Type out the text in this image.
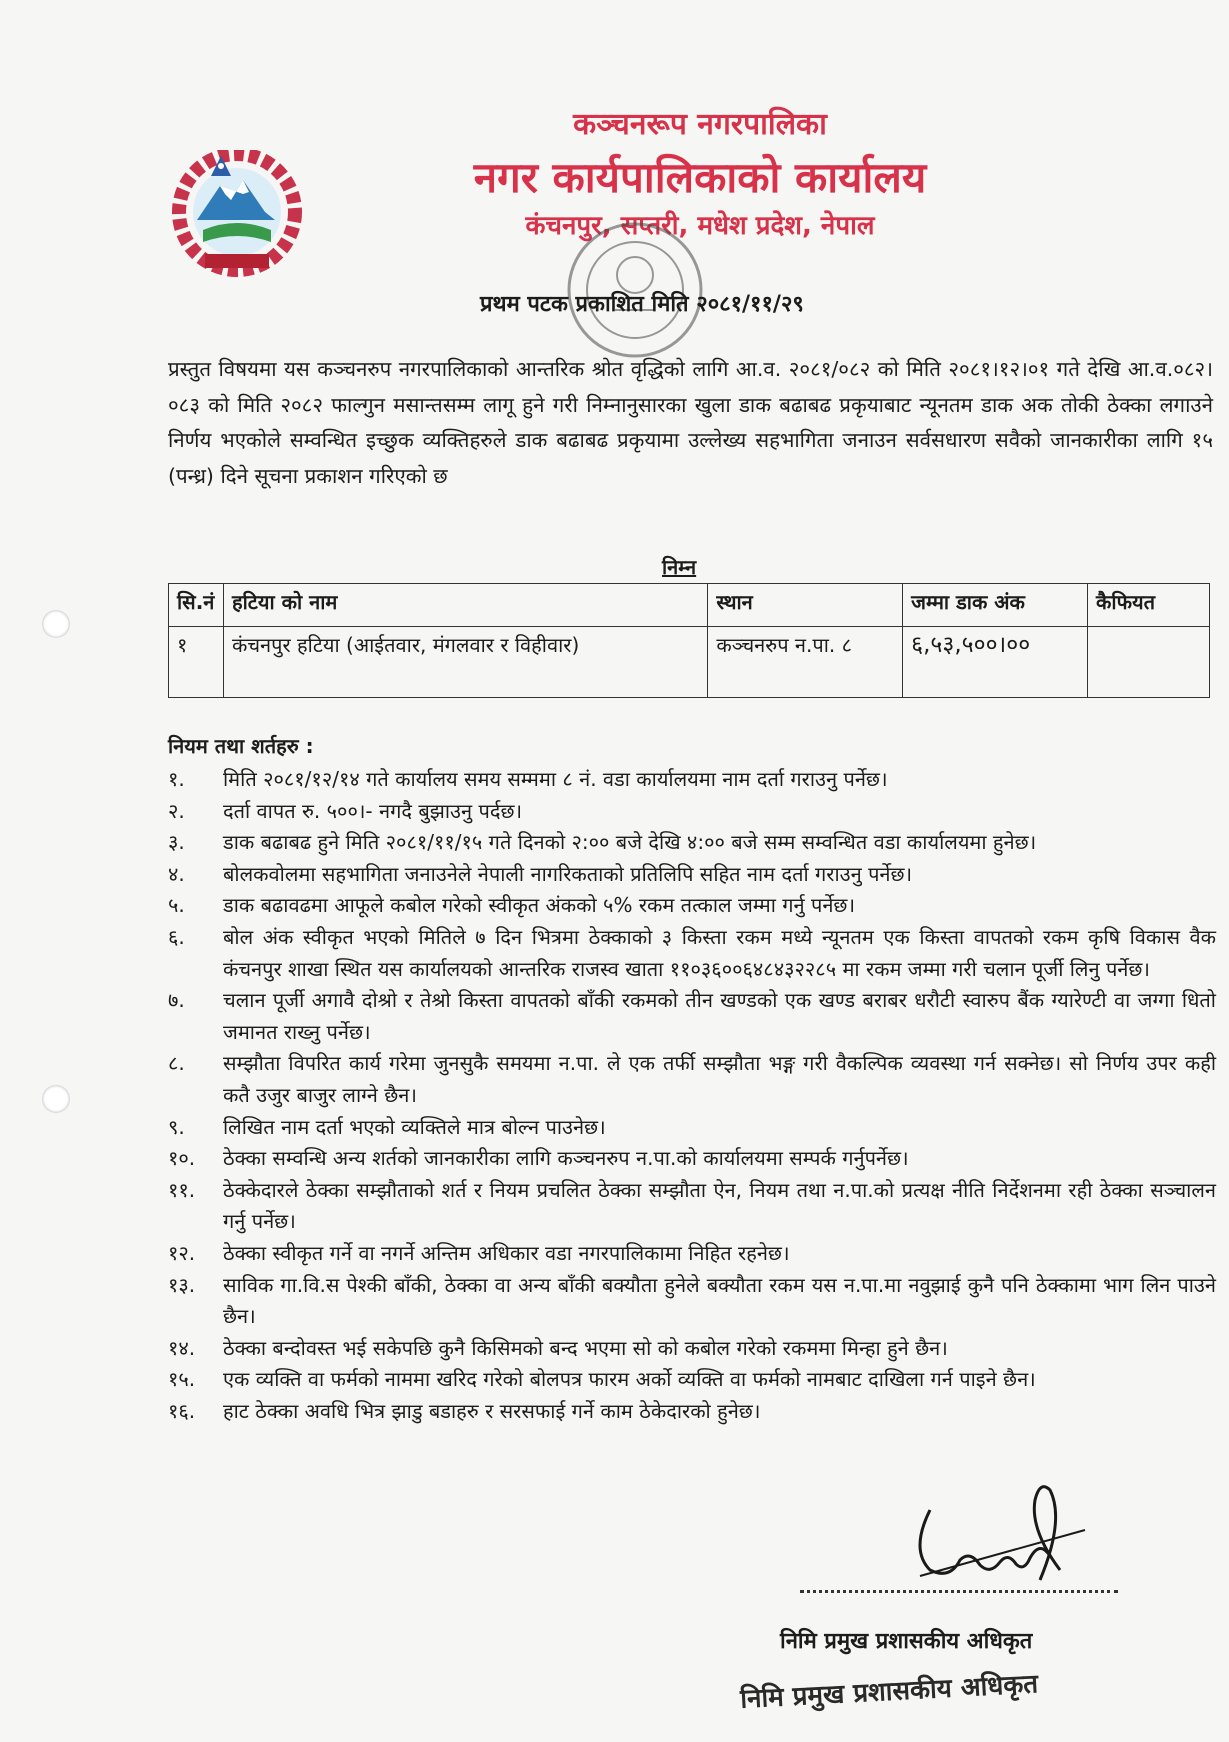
कञ्चनरूप नगरपालिका
नगर कार्यपालिकाको कार्यालय
कंचनपुर, सप्तरी, मधेश प्रदेश, नेपाल
प्रथम पटक प्रकाशित मिति २०८१/११/२९
प्रस्तुत विषयमा यस कञ्चनरुप नगरपालिकाको आन्तरिक श्रोत वृद्धिको लागि आ.व. २०८१/०८२ को मिति २०८१।१२।०१ गते देखि आ.व.०८२।०८३ को मिति २०८२ फाल्गुन मसान्तसम्म लागू हुने गरी निम्नानुसारका खुला डाक बढाबढ प्रकृयाबाट न्यूनतम डाक अक तोकी ठेक्का लगाउने निर्णय भएकोले सम्वन्धित इच्छुक व्यक्तिहरुले डाक बढाबढ प्रकृयामा उल्लेख्य सहभागिता जनाउन सर्वसधारण सवैको जानकारीका लागि १५ (पन्ध्र) दिने सूचना प्रकाशन गरिएको छ
निम्न
सि.नं	हटिया को नाम	स्थान	जम्मा डाक अंक	कैफियत
१	कंचनपुर हटिया (आईतवार, मंगलवार र विहीवार)	कञ्चनरुप न.पा. ८	६,५३,५००।००	
नियम तथा शर्तहरु :
१.	मिति २०८१/१२/१४ गते कार्यालय समय सम्ममा ८ नं. वडा कार्यालयमा नाम दर्ता गराउनु पर्नेछ।
२.	दर्ता वापत रु. ५००।- नगदै बुझाउनु पर्दछ।
३.	डाक बढाबढ हुने मिति २०८१/११/१५ गते दिनको २:०० बजे देखि ४:०० बजे सम्म सम्वन्धित वडा कार्यालयमा हुनेछ।
४.	बोलकवोलमा सहभागिता जनाउनेले नेपाली नागरिकताको प्रतिलिपि सहित नाम दर्ता गराउनु पर्नेछ।
५.	डाक बढावढमा आफूले कबोल गरेको स्वीकृत अंकको ५% रकम तत्काल जम्मा गर्नु पर्नेछ।
६.	बोल अंक स्वीकृत भएको मितिले ७ दिन भित्रमा ठेक्काको ३ किस्ता रकम मध्ये न्यूनतम एक किस्ता वापतको रकम कृषि विकास वैक कंचनपुर शाखा स्थित यस कार्यालयको आन्तरिक राजस्व खाता ११०३६००६४८४३२२८५ मा रकम जम्मा गरी चलान पूर्जी लिनु पर्नेछ।
७.	चलान पूर्जी अगावै दोश्रो र तेश्रो किस्ता वापतको बाँकी रकमको तीन खण्डको एक खण्ड बराबर धरौटी स्वारुप बैंक ग्यारेण्टी वा जग्गा धितो जमानत राख्नु पर्नेछ।
८.	सम्झौता विपरित कार्य गरेमा जुनसुकै समयमा न.पा. ले एक तर्फी सम्झौता भङ्ग गरी वैकल्पिक व्यवस्था गर्न सक्नेछ। सो निर्णय उपर कही कतै उजुर बाजुर लाग्ने छैन।
९.	लिखित नाम दर्ता भएको व्यक्तिले मात्र बोल्न पाउनेछ।
१०.	ठेक्का सम्वन्धि अन्य शर्तको जानकारीका लागि कञ्चनरुप न.पा.को कार्यालयमा सम्पर्क गर्नुपर्नेछ।
११.	ठेक्केदारले ठेक्का सम्झौताको शर्त र नियम प्रचलित ठेक्का सम्झौता ऐन, नियम तथा न.पा.को प्रत्यक्ष नीति निर्देशनमा रही ठेक्का सञ्चालन गर्नु पर्नेछ।
१२.	ठेक्का स्वीकृत गर्ने वा नगर्ने अन्तिम अधिकार वडा नगरपालिकामा निहित रहनेछ।
१३.	साविक गा.वि.स पेश्की बाँकी, ठेक्का वा अन्य बाँकी बक्यौता हुनेले बक्यौता रकम यस न.पा.मा नवुझाई कुनै पनि ठेक्कामा भाग लिन पाउने छैन।
१४.	ठेक्का बन्दोवस्त भई सकेपछि कुनै किसिमको बन्द भएमा सो को कबोल गरेको रकममा मिन्हा हुने छैन।
१५.	एक व्यक्ति वा फर्मको नाममा खरिद गरेको बोलपत्र फारम अर्को व्यक्ति वा फर्मको नामबाट दाखिला गर्न पाइने छैन।
१६.	हाट ठेक्का अवधि भित्र झाडु बडाहरु र सरसफाई गर्ने काम ठेकेदारको हुनेछ।
निमि प्रमुख प्रशासकीय अधिकृत
निमि प्रमुख प्रशासकीय अधिकृत
